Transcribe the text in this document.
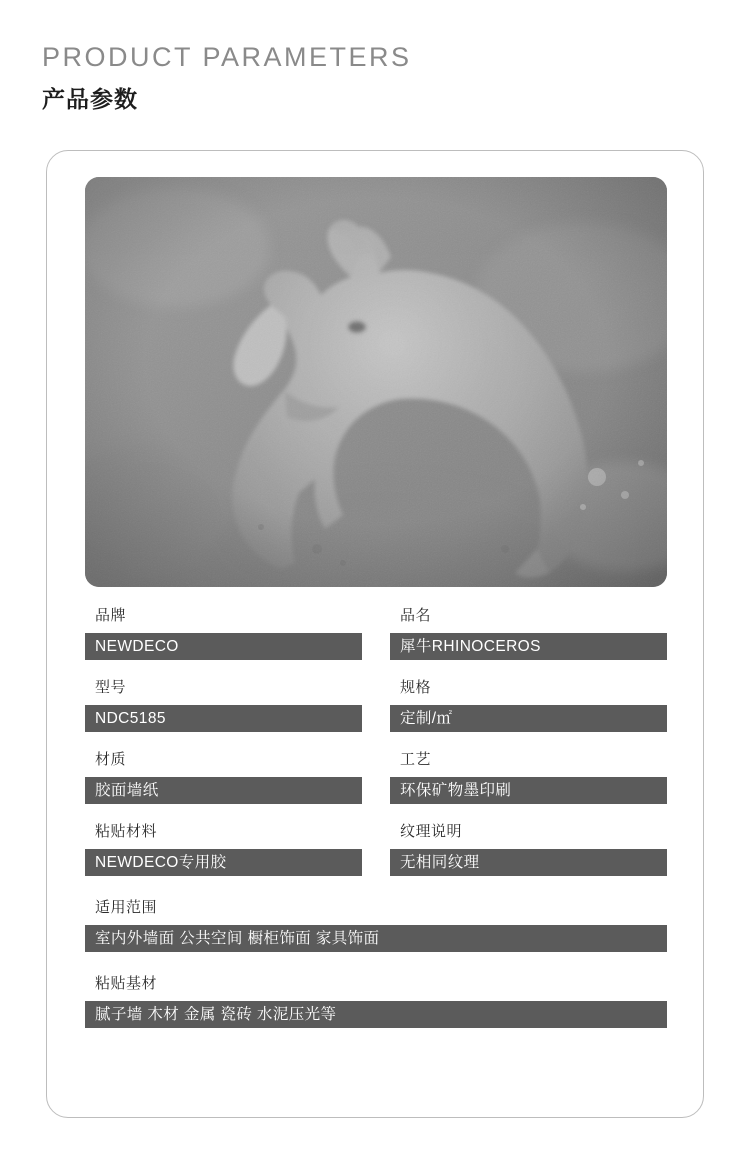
PRODUCT PARAMETERS
产品参数
品牌
NEWDECO
品名
犀牛RHINOCEROS
型号
NDC5185
规格
定制/㎡
材质
胶面墙纸
工艺
环保矿物墨印刷
粘贴材料
NEWDECO专用胶
纹理说明
无相同纹理
适用范围
室内外墙面 公共空间 橱柜饰面 家具饰面
粘贴基材
腻子墙 木材 金属 瓷砖 水泥压光等
